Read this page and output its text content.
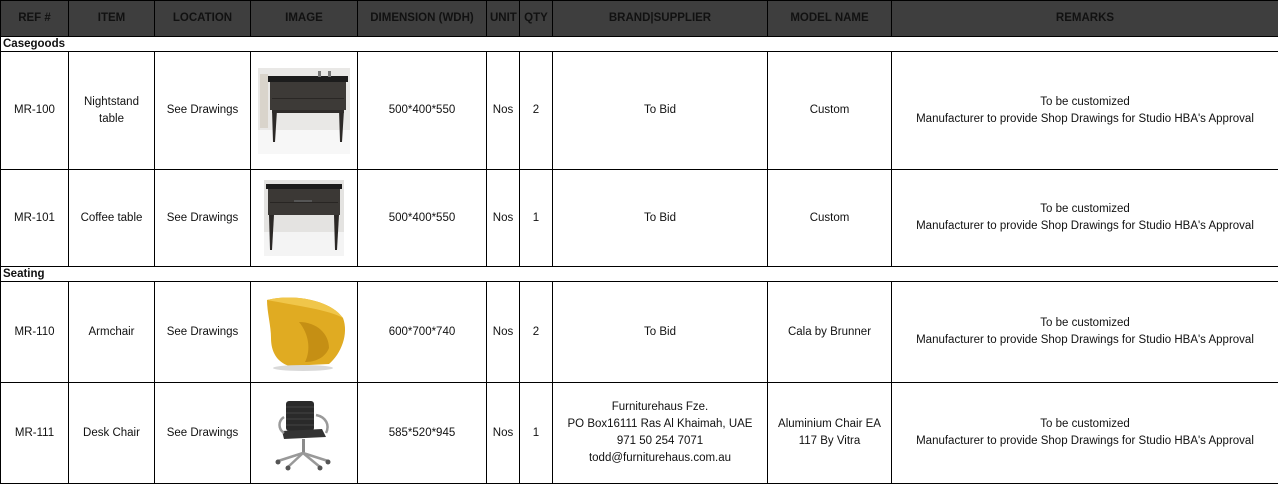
REF #	ITEM	LOCATION	IMAGE	DIMENSION (WDH)	UNIT	QTY	BRAND|SUPPLIER	MODEL NAME	REMARKS
Casegoods									
MR-100	Nightstand table	See Drawings		500*400*550	Nos	2	To Bid	Custom	To be customized
Manufacturer to provide Shop Drawings for Studio HBA's Approval
MR-101	Coffee table	See Drawings		500*400*550	Nos	1	To Bid	Custom	To be customized
Manufacturer to provide Shop Drawings for Studio HBA's Approval
Seating									
MR-110	Armchair	See Drawings		600*700*740	Nos	2	To Bid	Cala by Brunner	To be customized
Manufacturer to provide Shop Drawings for Studio HBA's Approval
MR-111	Desk Chair	See Drawings		585*520*945	Nos	1	Furniturehaus Fze.
PO Box16111 Ras Al Khaimah, UAE
971 50 254 7071
todd@furniturehaus.com.au	Aluminium Chair EA 117 By Vitra	To be customized
Manufacturer to provide Shop Drawings for Studio HBA's Approval
